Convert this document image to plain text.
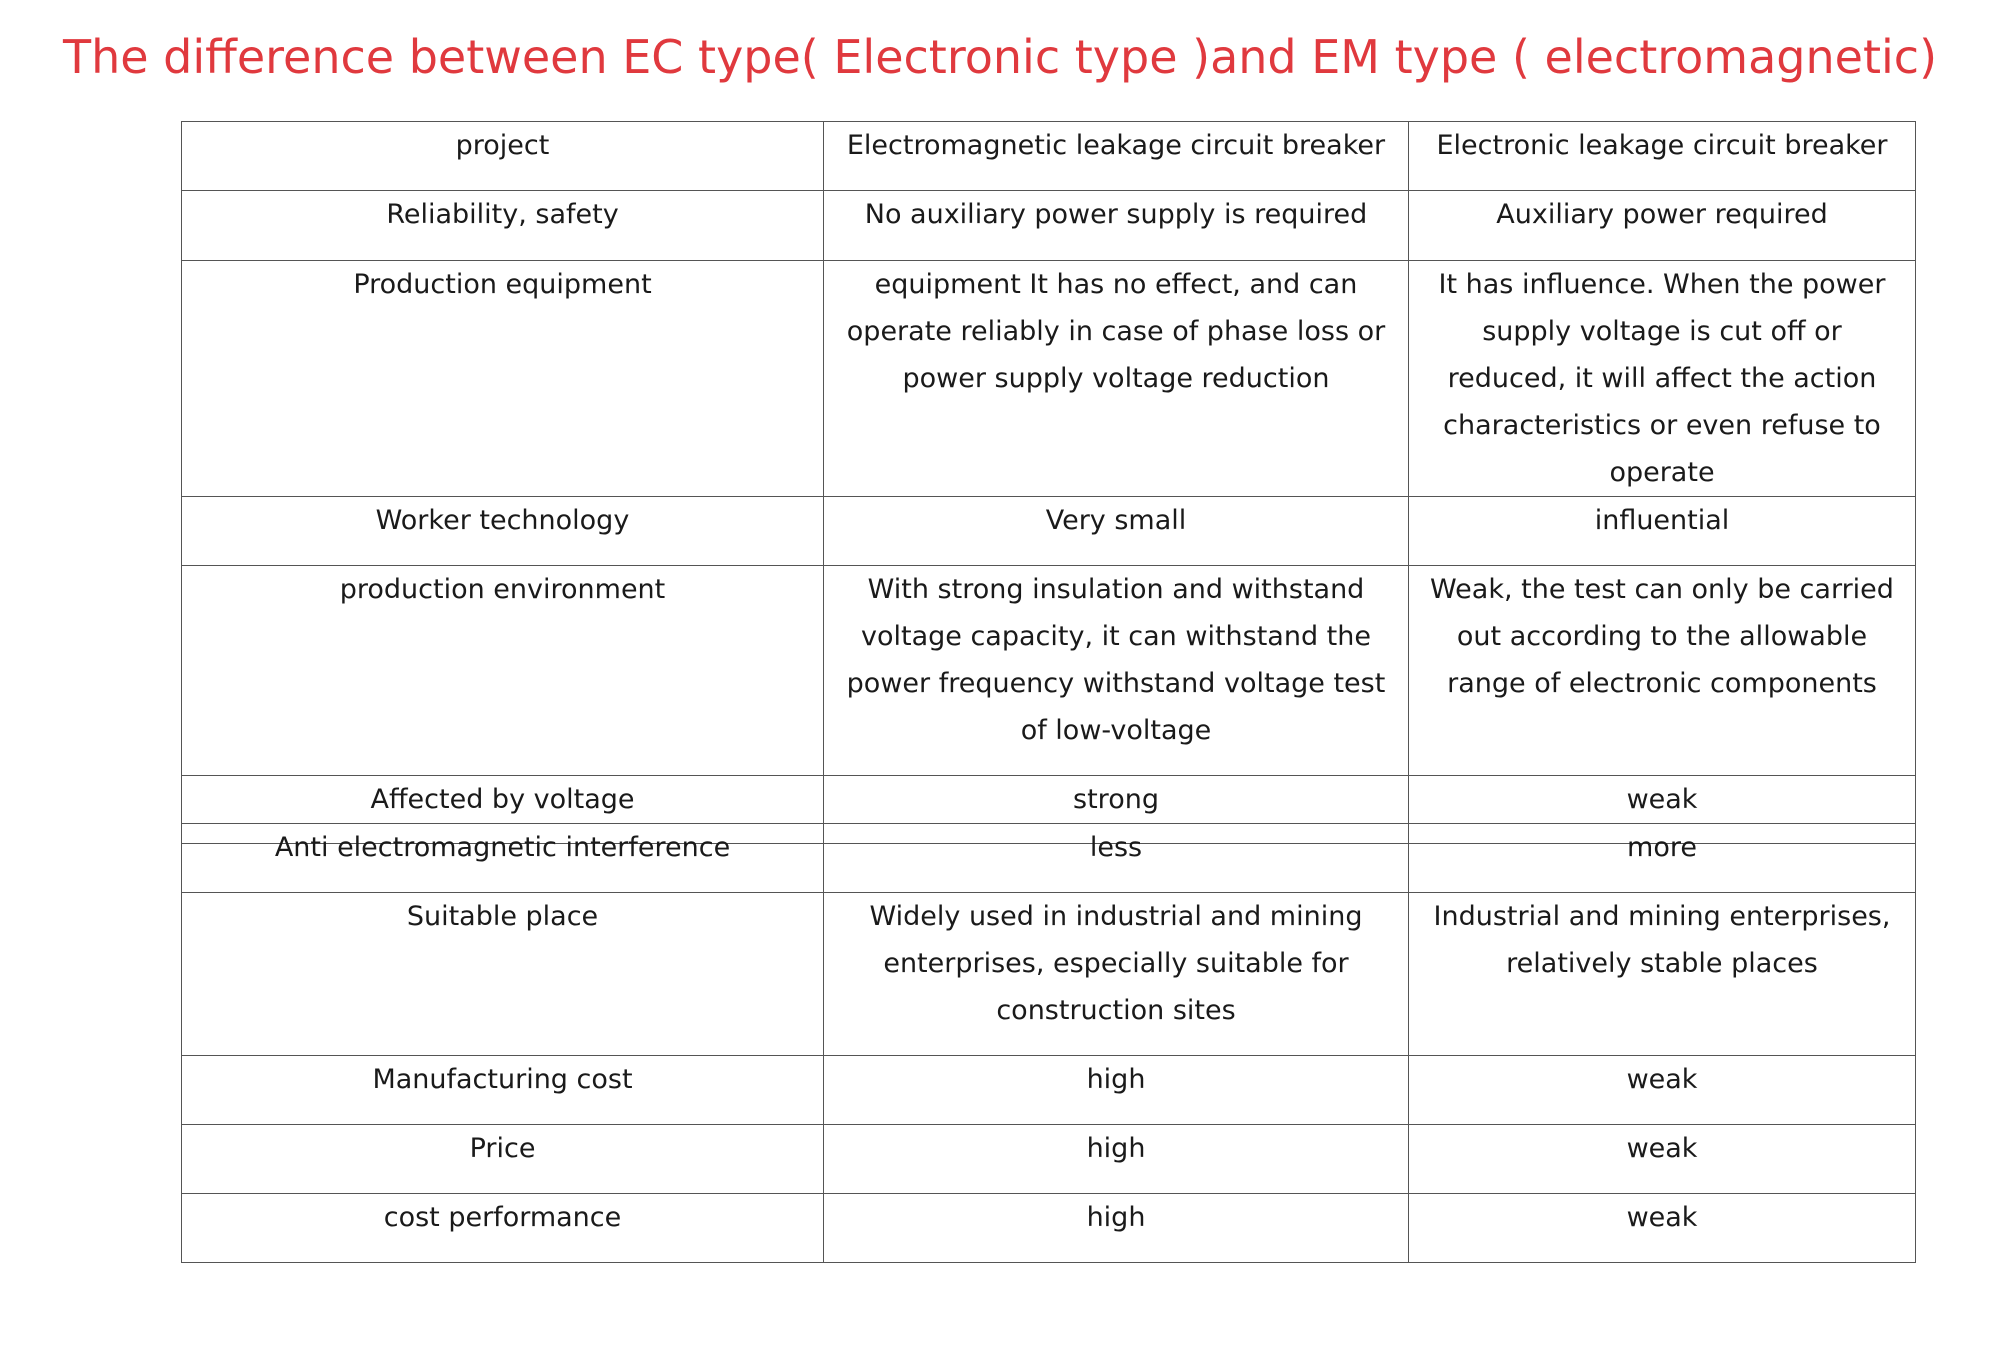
The difference between EC type( Electronic type )and EM type ( electromagnetic)
project	Electromagnetic leakage circuit breaker	Electronic leakage circuit breaker
Reliability, safety	No auxiliary power supply is required	Auxiliary power required
Production equipment	equipment It has no effect, and can operate reliably in case of phase loss or power supply voltage reduction	It has influence. When the power supply voltage is cut off or reduced, it will affect the action characteristics or even refuse to operate
Worker technology	Very small	influential
production environment	With strong insulation and withstand voltage capacity, it can withstand the power frequency withstand voltage test of low-voltage	Weak, the test can only be carried out according to the allowable range of electronic components
Affected by voltage	strong	weak
Anti electromagnetic interference	less	more
Suitable place	Widely used in industrial and mining enterprises, especially suitable for construction sites	Industrial and mining enterprises, relatively stable places
Manufacturing cost	high	weak
Price	high	weak
cost performance	high	weak
